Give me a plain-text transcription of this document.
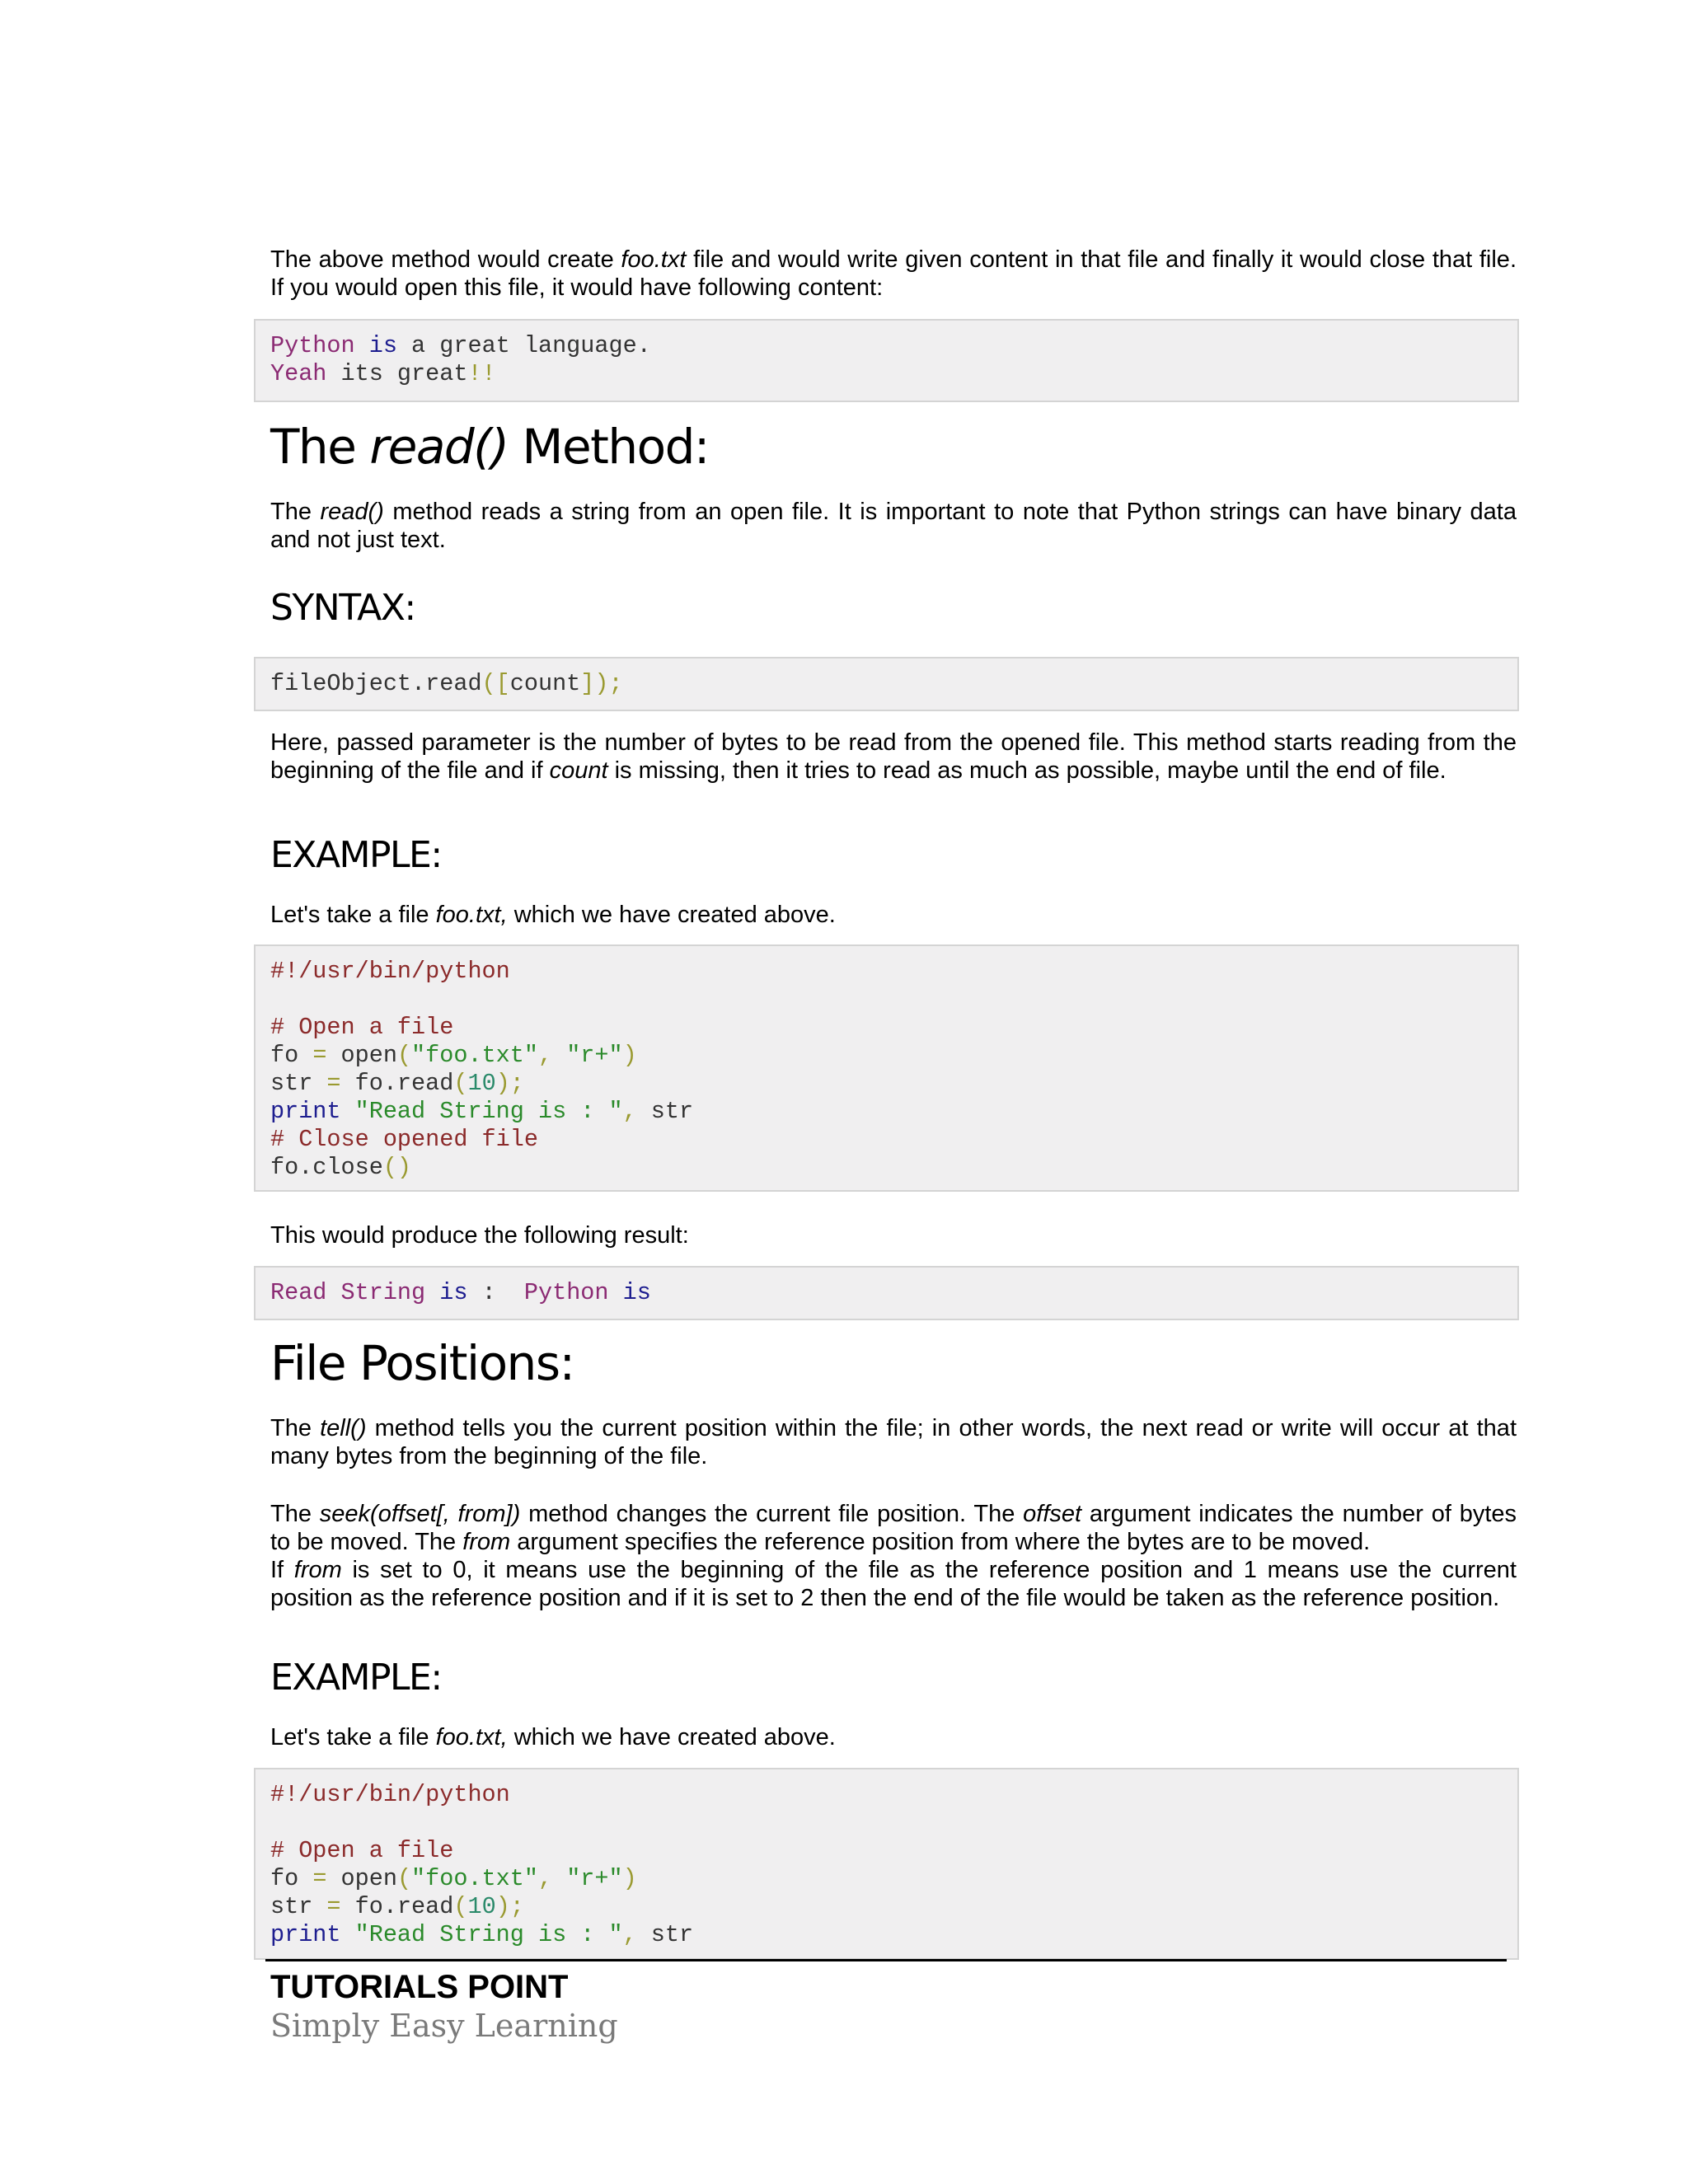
The above method would create foo.txt file and would write given content in that file and finally it would close that file. If you would open this file, it would have following content:

Python is a great language.
Yeah its great!!
The read() Method:

The read() method reads a string from an open file. It is important to note that Python strings can have binary data and not just text.

SYNTAX:
fileObject.read([count]);

Here, passed parameter is the number of bytes to be read from the opened file. This method starts reading from the beginning of the file and if count is missing, then it tries to read as much as possible, maybe until the end of file.

EXAMPLE:

Let's take a file foo.txt, which we have created above.

#!/usr/bin/python
# Open a file
fo = open("foo.txt", "r+")
str = fo.read(10);
print "Read String is : ", str
# Close opened file
fo.close()

This would produce the following result:

Read String is :  Python is
File Positions:

The tell() method tells you the current position within the file; in other words, the next read or write will occur at that many bytes from the beginning of the file.

The seek(offset[, from]) method changes the current file position. The offset argument indicates the number of bytes to be moved. The from argument specifies the reference position from where the bytes are to be moved.

If from is set to 0, it means use the beginning of the file as the reference position and 1 means use the current position as the reference position and if it is set to 2 then the end of the file would be taken as the reference position.

EXAMPLE:

Let's take a file foo.txt, which we have created above.

#!/usr/bin/python
# Open a file
fo = open("foo.txt", "r+")
str = fo.read(10);
print "Read String is : ", str
TUTORIALS POINT
Simply Easy Learning
